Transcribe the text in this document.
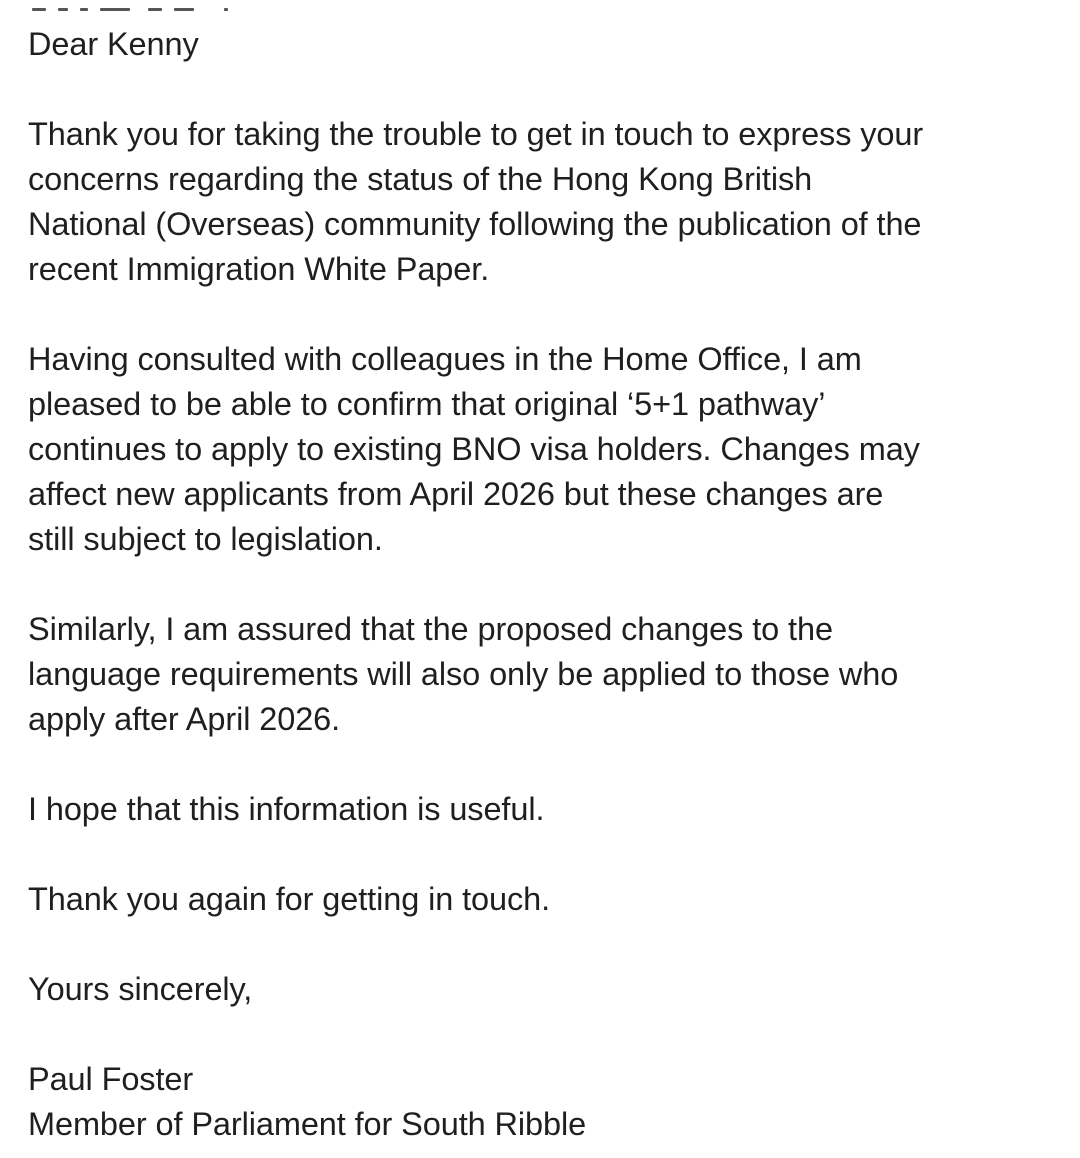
Dear Kenny

Thank you for taking the trouble to get in touch to express your
concerns regarding the status of the Hong Kong British
National (Overseas) community following the publication of the
recent Immigration White Paper.

Having consulted with colleagues in the Home Office, I am
pleased to be able to confirm that original ‘5+1 pathway’
continues to apply to existing BNO visa holders. Changes may
affect new applicants from April 2026 but these changes are
still subject to legislation.

Similarly, I am assured that the proposed changes to the
language requirements will also only be applied to those who
apply after April 2026.

I hope that this information is useful.

Thank you again for getting in touch.

Yours sincerely,

Paul Foster
Member of Parliament for South Ribble
